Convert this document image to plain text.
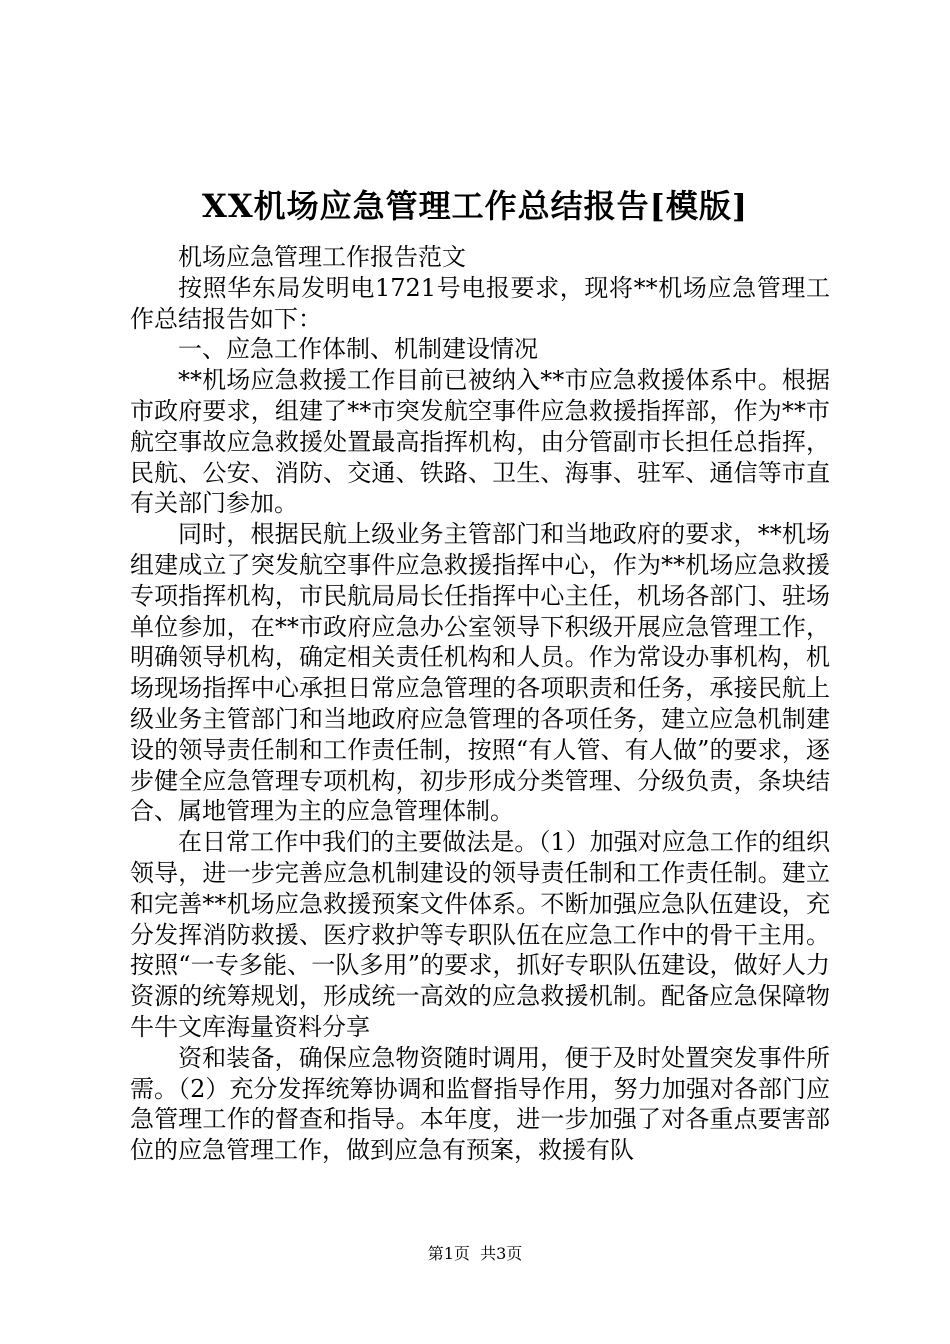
XX机场应急管理工作总结报告[模版]

机场应急管理工作报告范文

按照华东局发明电1721号电报要求，现将**机场应急管理工作总结报告如下：

一、应急工作体制、机制建设情况

**机场应急救援工作目前已被纳入**市应急救援体系中。根据市政府要求，组建了**市突发航空事件应急救援指挥部，作为**市航空事故应急救援处置最高指挥机构，由分管副市长担任总指挥，民航、公安、消防、交通、铁路、卫生、海事、驻军、通信等市直有关部门参加。

同时，根据民航上级业务主管部门和当地政府的要求，**机场组建成立了突发航空事件应急救援指挥中心，作为**机场应急救援专项指挥机构，市民航局局长任指挥中心主任，机场各部门、驻场单位参加，在**市政府应急办公室领导下积级开展应急管理工作，明确领导机构，确定相关责任机构和人员。作为常设办事机构，机场现场指挥中心承担日常应急管理的各项职责和任务，承接民航上级业务主管部门和当地政府应急管理的各项任务，建立应急机制建设的领导责任制和工作责任制，按照“有人管、有人做”的要求，逐步健全应急管理专项机构，初步形成分类管理、分级负责，条块结合、属地管理为主的应急管理体制。

在日常工作中我们的主要做法是。（1）加强对应急工作的组织领导，进一步完善应急机制建设的领导责任制和工作责任制。建立和完善**机场应急救援预案文件体系。不断加强应急队伍建设，充分发挥消防救援、医疗救护等专职队伍在应急工作中的骨干主用。按照“一专多能、一队多用”的要求，抓好专职队伍建设，做好人力资源的统筹规划，形成统一高效的应急救援机制。配备应急保障物牛牛文库海量资料分享

资和装备，确保应急物资随时调用，便于及时处置突发事件所需。（2）充分发挥统筹协调和监督指导作用，努力加强对各部门应急管理工作的督查和指导。本年度，进一步加强了对各重点要害部位的应急管理工作，做到应急有预案，救援有队

第1页  共3页
